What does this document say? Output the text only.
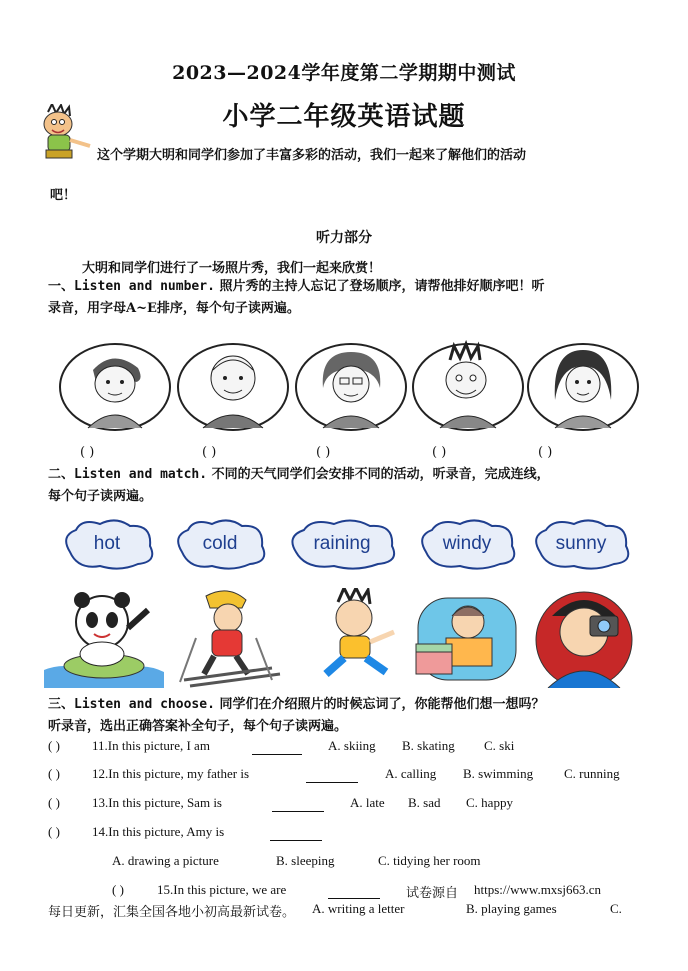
2023—2024学年度第二学期期中测试
小学二年级英语试题
这个学期大明和同学们参加了丰富多彩的活动，我们一起来了解他们的活动
吧！
听力部分
大明和同学们进行了一场照片秀，我们一起来欣赏！
一、Listen and number. 照片秀的主持人忘记了登场顺序，请帮他排好顺序吧！听
录音，用字母A~E排序，每个句子读两遍。
( )	( )	( )	( )	( )
二、Listen and match. 不同的天气同学们会安排不同的活动，听录音，完成连线，
每个句子读两遍。
hot	cold	raining	windy	sunny
三、Listen and choose. 同学们在介绍照片的时候忘词了，你能帮他们想一想吗？
听录音，选出正确答案补全句子，每个句子读两遍。
( ) 11.In this picture, I am	A. skiing B. skating C. ski
( ) 12.In this picture, my father is	A. calling B. swimming C. running
( ) 13.In this picture, Sam is	A. late B. sad C. happy
( ) 14.In this picture, Amy is
A. drawing a picture	B. sleeping	C. tidying her room
( )	15.In this picture, we are	试卷源自 https://www.mxsj663.cn
每日更新，汇集全国各地小初高最新试卷。 A. writing a letter	B. playing games	C.
